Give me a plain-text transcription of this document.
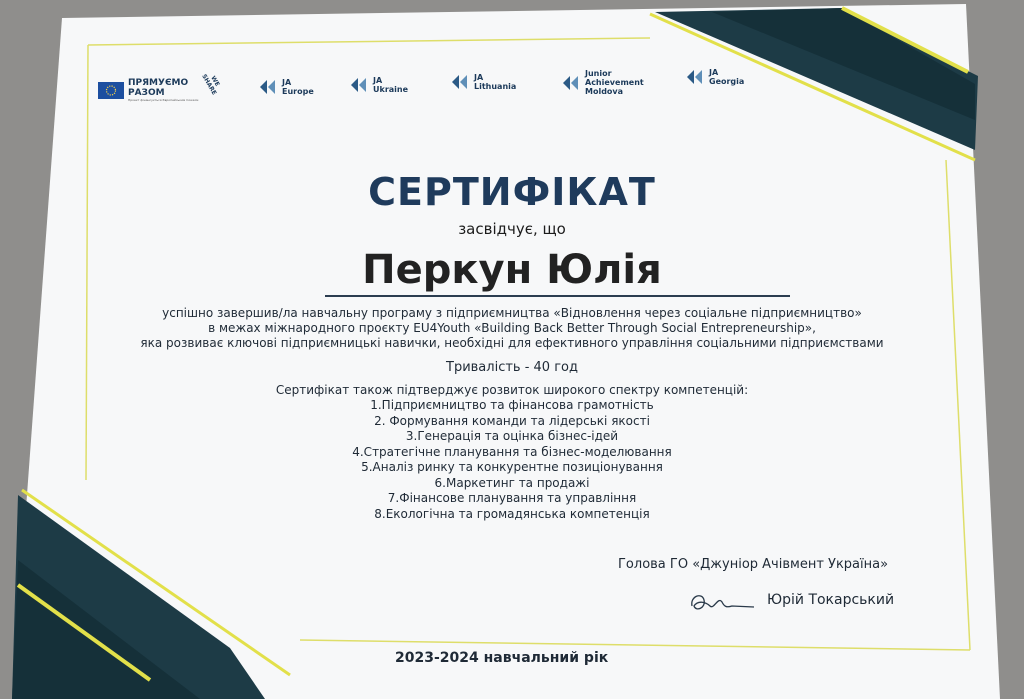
ПРЯМУЄМО РАЗОМ
Проект фінансується Європейським Союзом
WE SHARE	JA
Europe
JA
Ukraine
JA
Lithuania
Junior
Achievement
Moldova
JA
Georgia
СЕРТИФІКАТ
засвідчує, що
Перкун Юлія
успішно завершив/ла навчальну програму з підприємництва «Відновлення через соціальне підприємництво»
в межах міжнародного проєкту EU4Youth «Building Back Better Through Social Entrepreneurship»,
яка розвиває ключові підприємницькі навички, необхідні для ефективного управління соціальними підприємствами
Тривалість - 40 год
Сертифікат також підтверджує розвиток широкого спектру компетенцій:
1.Підприємництво та фінансова грамотність
2. Формування команди та лідерські якості
3.Генерація та оцінка бізнес-ідей
4.Стратегічне планування та бізнес-моделювання
5.Аналіз ринку та конкурентне позиціонування
6.Маркетинг та продажі
7.Фінансове планування та управління
8.Екологічна та громадянська компетенція
Голова ГО «Джуніор Ачівмент Україна»
Юрій Токарський
2023-2024 навчальний рік
